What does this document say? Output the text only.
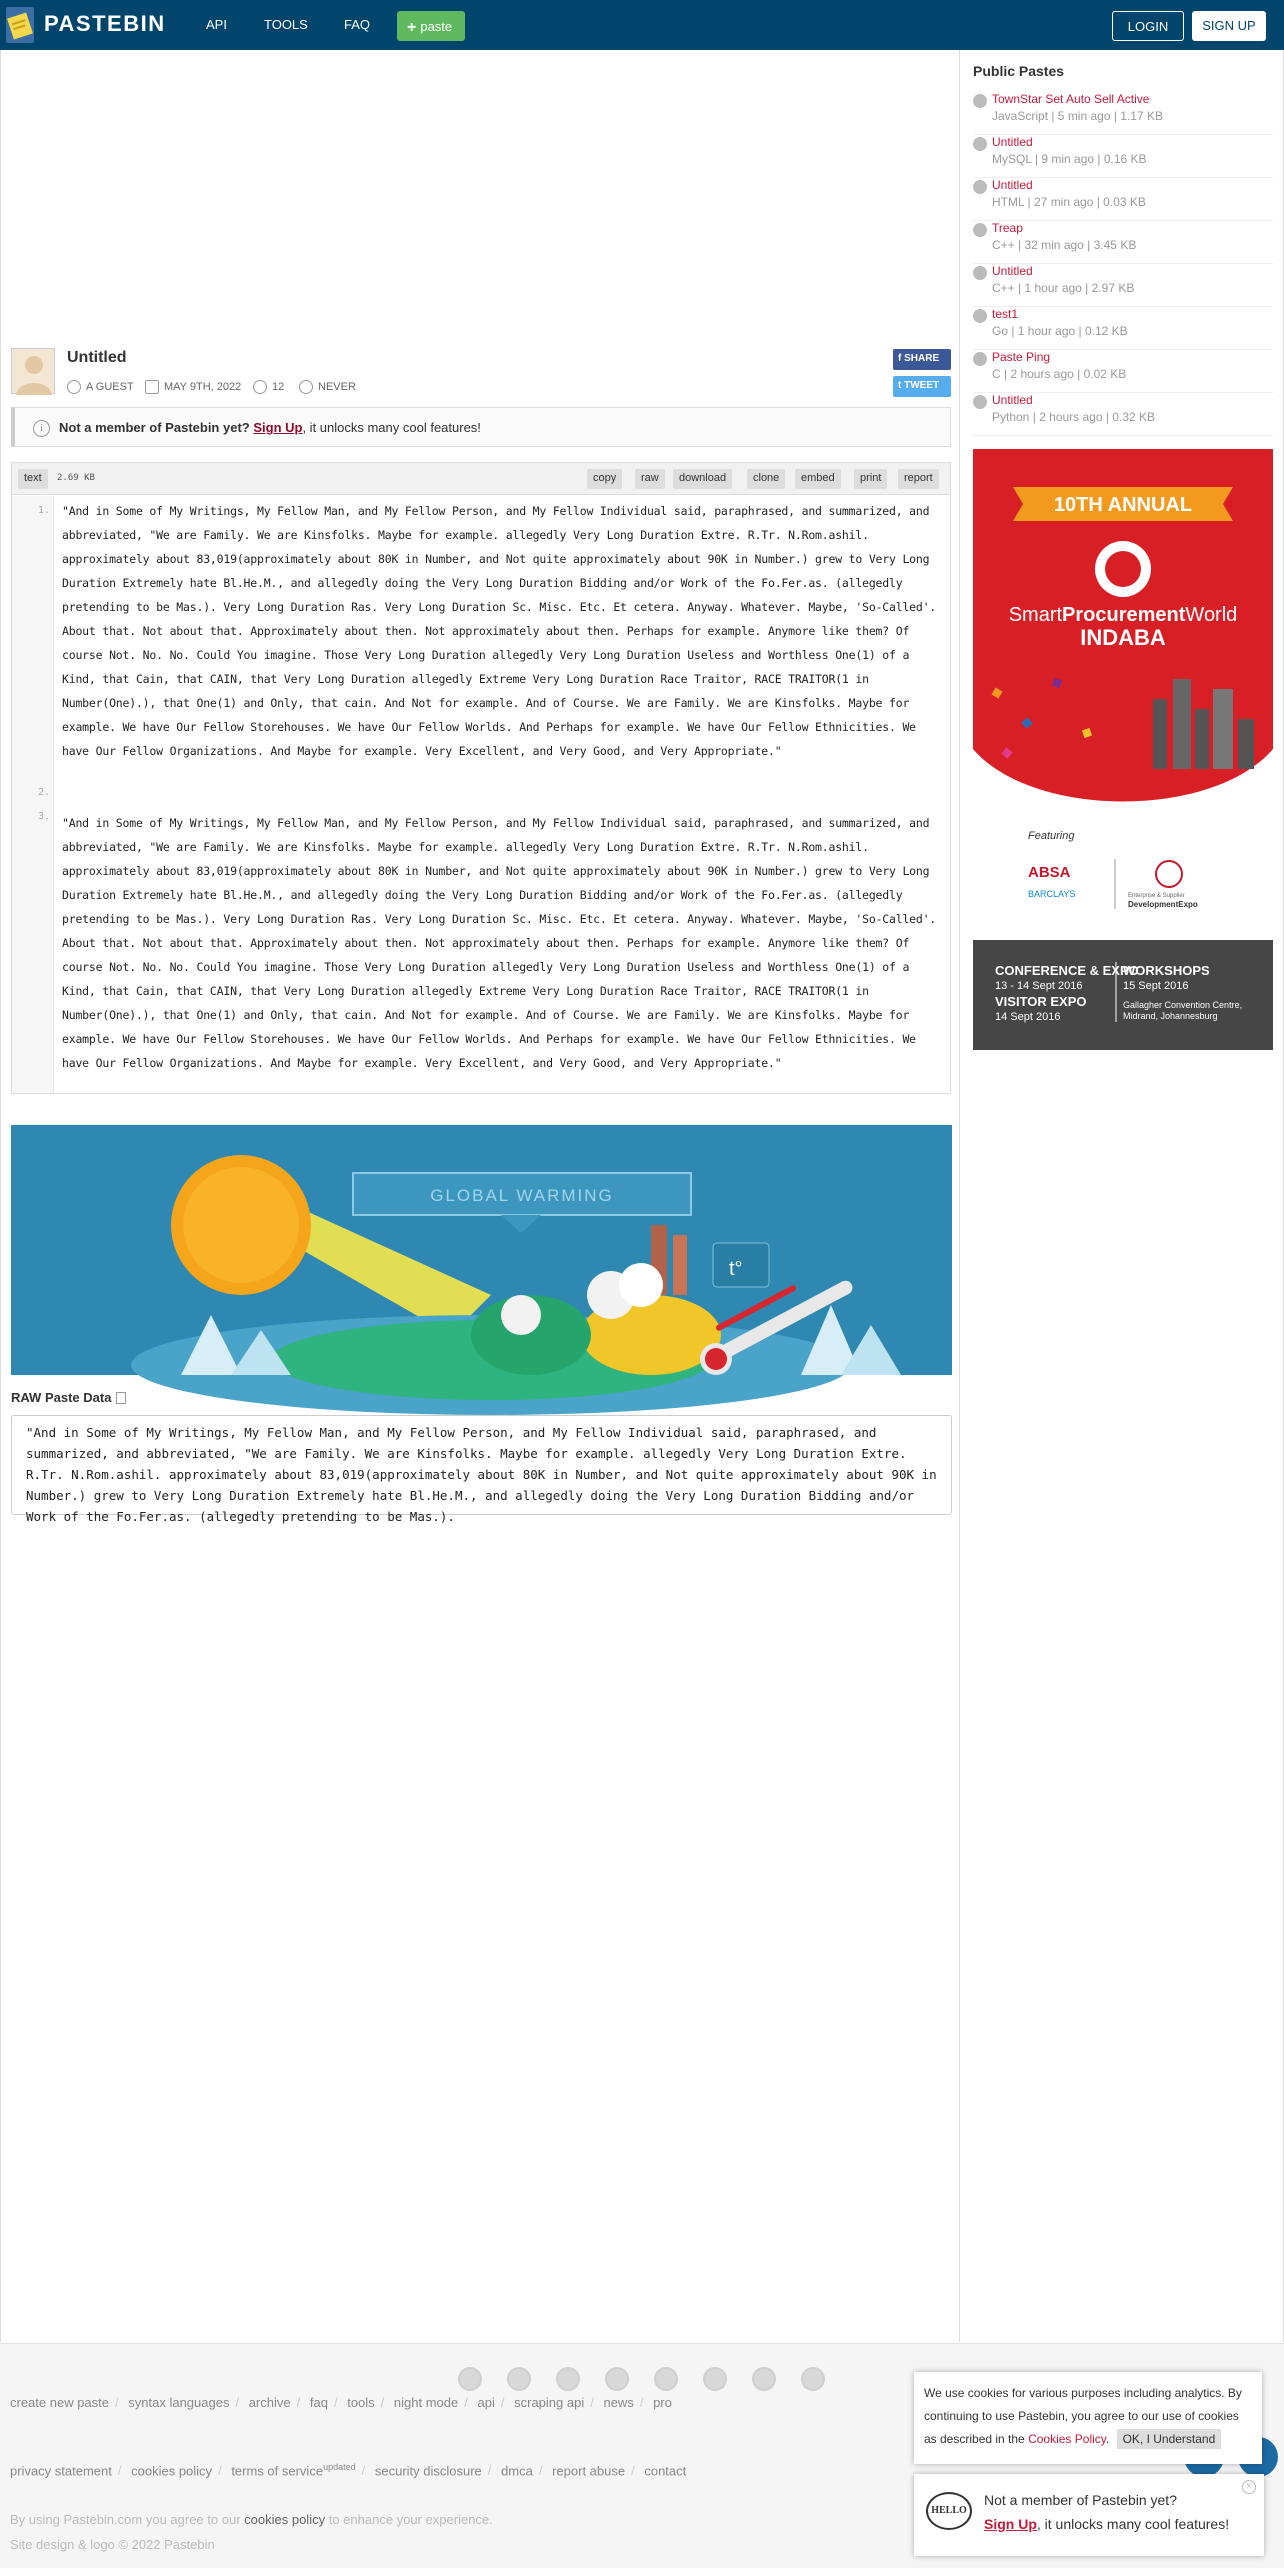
PASTEBIN	API	TOOLS	FAQ	+ paste	LOGIN	SIGN UP
Untitled
A GUEST	MAY 9TH, 2022	12	NEVER
f SHARE
t TWEET
i	Not a member of Pastebin yet? Sign Up, it unlocks many cool features!
text	2.69 KB	copy	raw	download	clone	embed	print	report
1.
2.
3.
"And in Some of My Writings, My Fellow Man, and My Fellow Person, and My Fellow Individual said, paraphrased, and summarized, and abbreviated, "We are Family. We are Kinsfolks. Maybe for example. allegedly Very Long Duration Extre. R.Tr. N.Rom.ashil. approximately about 83,019(approximately about 80K in Number, and Not quite approximately about 90K in Number.) grew to Very Long Duration Extremely hate Bl.He.M., and allegedly doing the Very Long Duration Bidding and/or Work of the Fo.Fer.as. (allegedly pretending to be Mas.). Very Long Duration Ras. Very Long Duration Sc. Misc. Etc. Et cetera. Anyway. Whatever. Maybe, 'So-Called'. About that. Not about that. Approximately about then. Not approximately about then. Perhaps for example. Anymore like them? Of course Not. No. No. Could You imagine. Those Very Long Duration allegedly Very Long Duration Useless and Worthless One(1) of a Kind, that Cain, that CAIN, that Very Long Duration allegedly Extreme Very Long Duration Race Traitor, RACE TRAITOR(1 in Number(One).), that One(1) and Only, that cain. And Not for example. And of Course. We are Family. We are Kinsfolks. Maybe for example. We have Our Fellow Storehouses. We have Our Fellow Worlds. And Perhaps for example. We have Our Fellow Ethnicities. We have Our Fellow Organizations. And Maybe for example. Very Excellent, and Very Good, and Very Appropriate."
"And in Some of My Writings, My Fellow Man, and My Fellow Person, and My Fellow Individual said, paraphrased, and summarized, and abbreviated, "We are Family. We are Kinsfolks. Maybe for example. allegedly Very Long Duration Extre. R.Tr. N.Rom.ashil. approximately about 83,019(approximately about 80K in Number, and Not quite approximately about 90K in Number.) grew to Very Long Duration Extremely hate Bl.He.M., and allegedly doing the Very Long Duration Bidding and/or Work of the Fo.Fer.as. (allegedly pretending to be Mas.). Very Long Duration Ras. Very Long Duration Sc. Misc. Etc. Et cetera. Anyway. Whatever. Maybe, 'So-Called'. About that. Not about that. Approximately about then. Not approximately about then. Perhaps for example. Anymore like them? Of course Not. No. No. Could You imagine. Those Very Long Duration allegedly Very Long Duration Useless and Worthless One(1) of a Kind, that Cain, that CAIN, that Very Long Duration allegedly Extreme Very Long Duration Race Traitor, RACE TRAITOR(1 in Number(One).), that One(1) and Only, that cain. And Not for example. And of Course. We are Family. We are Kinsfolks. Maybe for example. We have Our Fellow Storehouses. We have Our Fellow Worlds. And Perhaps for example. We have Our Fellow Ethnicities. We have Our Fellow Organizations. And Maybe for example. Very Excellent, and Very Good, and Very Appropriate."
GLOBAL WARMING
t°
RAW Paste Data
"And in Some of My Writings, My Fellow Man, and My Fellow Person, and My Fellow Individual said, paraphrased, and summarized, and abbreviated, "We are Family. We are Kinsfolks. Maybe for example. allegedly Very Long Duration Extre. R.Tr. N.Rom.ashil. approximately about 83,019(approximately about 80K in Number, and Not quite approximately about 90K in Number.) grew to Very Long Duration Extremely hate Bl.He.M., and allegedly doing the Very Long Duration Bidding and/or Work of the Fo.Fer.as. (allegedly pretending to be Mas.).
Public Pastes
TownStar Set Auto Sell Active
JavaScript | 5 min ago | 1.17 KB
Untitled
MySQL | 9 min ago | 0.16 KB
Untitled
HTML | 27 min ago | 0.03 KB
Treap
C++ | 32 min ago | 3.45 KB
Untitled
C++ | 1 hour ago | 2.97 KB
test1
Go | 1 hour ago | 0.12 KB
Paste Ping
C | 2 hours ago | 0.02 KB
Untitled
Python | 2 hours ago | 0.32 KB
10TH ANNUAL
SmartProcurementWorld
INDABA
Featuring
ABSA
BARCLAYS	Enterprise & Supplier
DevelopmentExpo
CONFERENCE & EXPO
13 - 14 Sept 2016
VISITOR EXPO
14 Sept 2016
WORKSHOPS
15 Sept 2016
Gallagher Convention Centre,
Midrand, Johannesburg
create new paste / syntax languages / archive / faq / tools / night mode / api / scraping api / news / pro
privacy statement / cookies policy / terms of service$^{updated}$ / security disclosure / dmca / report abuse / contact
By using Pastebin.com you agree to our cookies policy to enhance your experience.
Site design & logo © 2022 Pastebin
We use cookies for various purposes including analytics. By continuing to use Pastebin, you agree to our use of cookies as described in the Cookies Policy. OK, I Understand
HELLO
×
Not a member of Pastebin yet?
Sign Up, it unlocks many cool features!
